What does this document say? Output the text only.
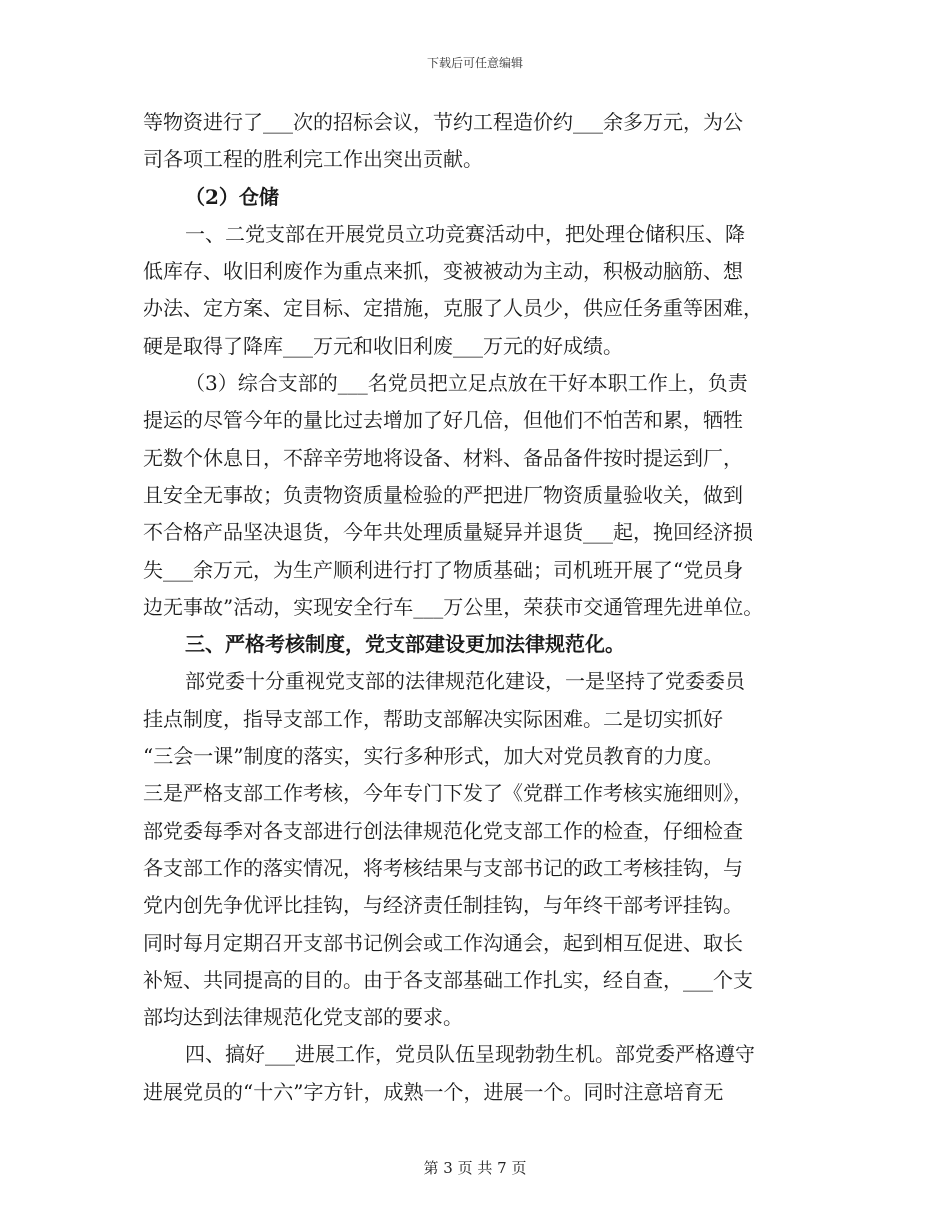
下载后可任意编辑
等物资进行了___次的招标会议，节约工程造价约___余多万元，为公
司各项工程的胜利完工作出突出贡献。
（2）仓储
一、二党支部在开展党员立功竞赛活动中，把处理仓储积压、降
低库存、收旧利废作为重点来抓，变被被动为主动，积极动脑筋、想
办法、定方案、定目标、定措施，克服了人员少，供应任务重等困难，
硬是取得了降库___万元和收旧利废___万元的好成绩。
（3）综合支部的___名党员把立足点放在干好本职工作上，负责
提运的尽管今年的量比过去增加了好几倍，但他们不怕苦和累，牺牲
无数个休息日，不辞辛劳地将设备、材料、备品备件按时提运到厂，
且安全无事故；负责物资质量检验的严把进厂物资质量验收关，做到
不合格产品坚决退货，今年共处理质量疑异并退货___起，挽回经济损
失___余万元，为生产顺利进行打了物质基础；司机班开展了“党员身
边无事故”活动，实现安全行车___万公里，荣获市交通管理先进单位。
三、严格考核制度，党支部建设更加法律规范化。
部党委十分重视党支部的法律规范化建设，一是坚持了党委委员
挂点制度，指导支部工作，帮助支部解决实际困难。二是切实抓好
“三会一课”制度的落实，实行多种形式，加大对党员教育的力度。
三是严格支部工作考核，今年专门下发了《党群工作考核实施细则》，
部党委每季对各支部进行创法律规范化党支部工作的检查，仔细检查
各支部工作的落实情况，将考核结果与支部书记的政工考核挂钩，与
党内创先争优评比挂钩，与经济责任制挂钩，与年终干部考评挂钩。
同时每月定期召开支部书记例会或工作沟通会，起到相互促进、取长
补短、共同提高的目的。由于各支部基础工作扎实，经自查，___个支
部均达到法律规范化党支部的要求。
四、搞好___进展工作，党员队伍呈现勃勃生机。部党委严格遵守
进展党员的“十六”字方针，成熟一个，进展一个。同时注意培育无
第 3 页 共 7 页
